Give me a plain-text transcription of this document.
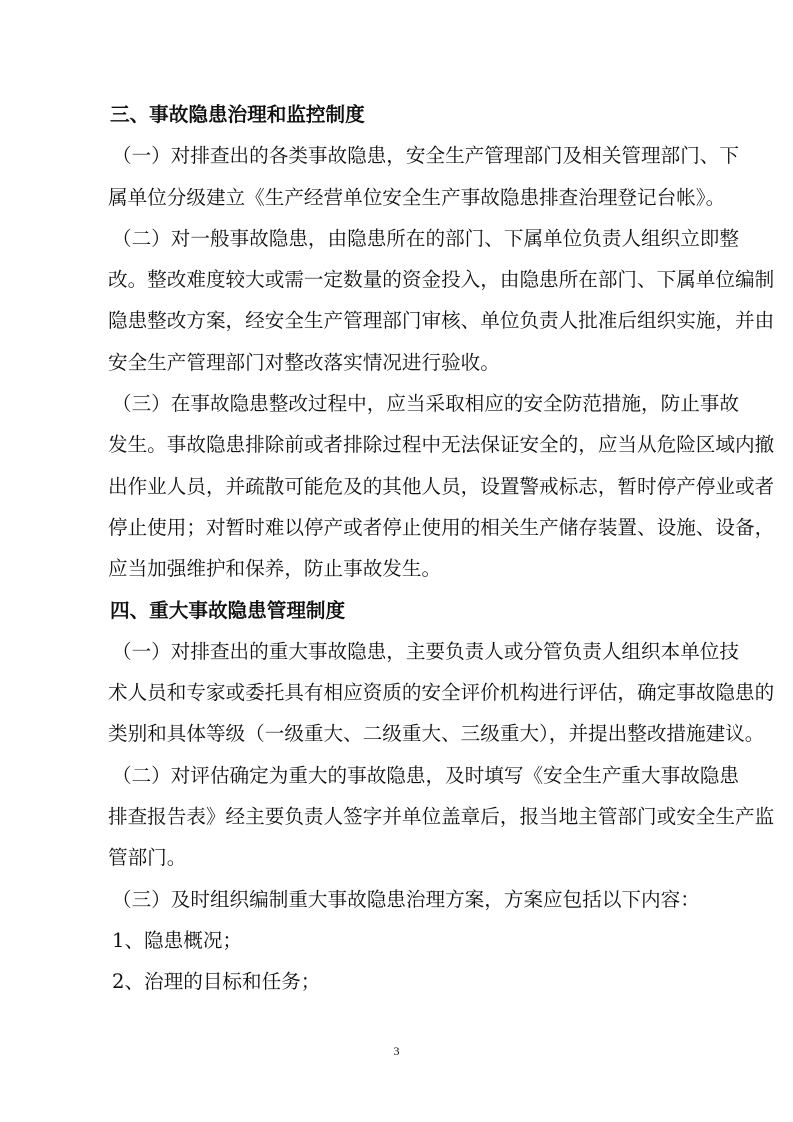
三、事故隐患治理和监控制度
（一）对排查出的各类事故隐患，安全生产管理部门及相关管理部门、下
属单位分级建立《生产经营单位安全生产事故隐患排查治理登记台帐》。
（二）对一般事故隐患，由隐患所在的部门、下属单位负责人组织立即整
改。整改难度较大或需一定数量的资金投入，由隐患所在部门、下属单位编制
隐患整改方案，经安全生产管理部门审核、单位负责人批准后组织实施，并由
安全生产管理部门对整改落实情况进行验收。
（三）在事故隐患整改过程中，应当采取相应的安全防范措施，防止事故
发生。事故隐患排除前或者排除过程中无法保证安全的，应当从危险区域内撤
出作业人员，并疏散可能危及的其他人员，设置警戒标志，暂时停产停业或者
停止使用；对暂时难以停产或者停止使用的相关生产储存装置、设施、设备，
应当加强维护和保养，防止事故发生。
四、重大事故隐患管理制度
（一）对排查出的重大事故隐患，主要负责人或分管负责人组织本单位技
术人员和专家或委托具有相应资质的安全评价机构进行评估，确定事故隐患的
类别和具体等级（一级重大、二级重大、三级重大），并提出整改措施建议。
（二）对评估确定为重大的事故隐患，及时填写《安全生产重大事故隐患
排查报告表》经主要负责人签字并单位盖章后，报当地主管部门或安全生产监
管部门。
（三）及时组织编制重大事故隐患治理方案，方案应包括以下内容：
1、隐患概况；
2、治理的目标和任务；
3
